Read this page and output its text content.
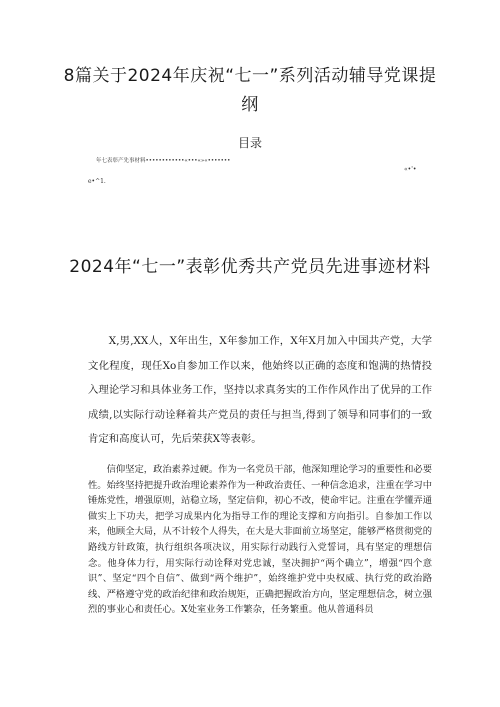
8篇关于2024年庆祝“七一”系列活动辅导党课提纲
目录
年七表彰产先事材料••••••••••••«•••«»«•••••••
«•'•
e•^1.
2024年“七一”表彰优秀共产党员先进事迹材料

X,男,XX人，X年出生，X年参加工作，X年X月加入中国共产党，大学文化程度，现任Xo自参加工作以来，他始终以正确的态度和饱满的热情投入理论学习和具体业务工作，坚持以求真务实的工作作风作出了优异的工作成绩,以实际行动诠释着共产党员的责任与担当,得到了领导和同事们的一致肯定和高度认可，先后荣获X等表彰。

信仰坚定，政治素养过硬。作为一名党员干部，他深知理论学习的重要性和必要性。始终坚持把提升政治理论素养作为一种政治责任、一种信念追求，注重在学习中锤炼党性，增强原则，站稳立场，坚定信仰，初心不改，使命牢记。注重在学懂弄通做实上下功夫，把学习成果内化为指导工作的理论支撑和方向指引。自参加工作以来，他顾全大局，从不计较个人得失，在大是大非面前立场坚定，能够严格贯彻党的路线方针政策，执行组织各项决议，用实际行动践行入党誓词，具有坚定的理想信念。他身体力行，用实际行动诠释对党忠诚，坚决拥护“两个确立”，增强“四个意识”、坚定“四个自信”、做到“两个维护”，始终维护党中央权威、执行党的政治路线、严格遵守党的政治纪律和政治规矩，正确把握政治方向，坚定理想信念，树立强烈的事业心和责任心。X处室业务工作繁杂，任务繁重。他从普通科员
